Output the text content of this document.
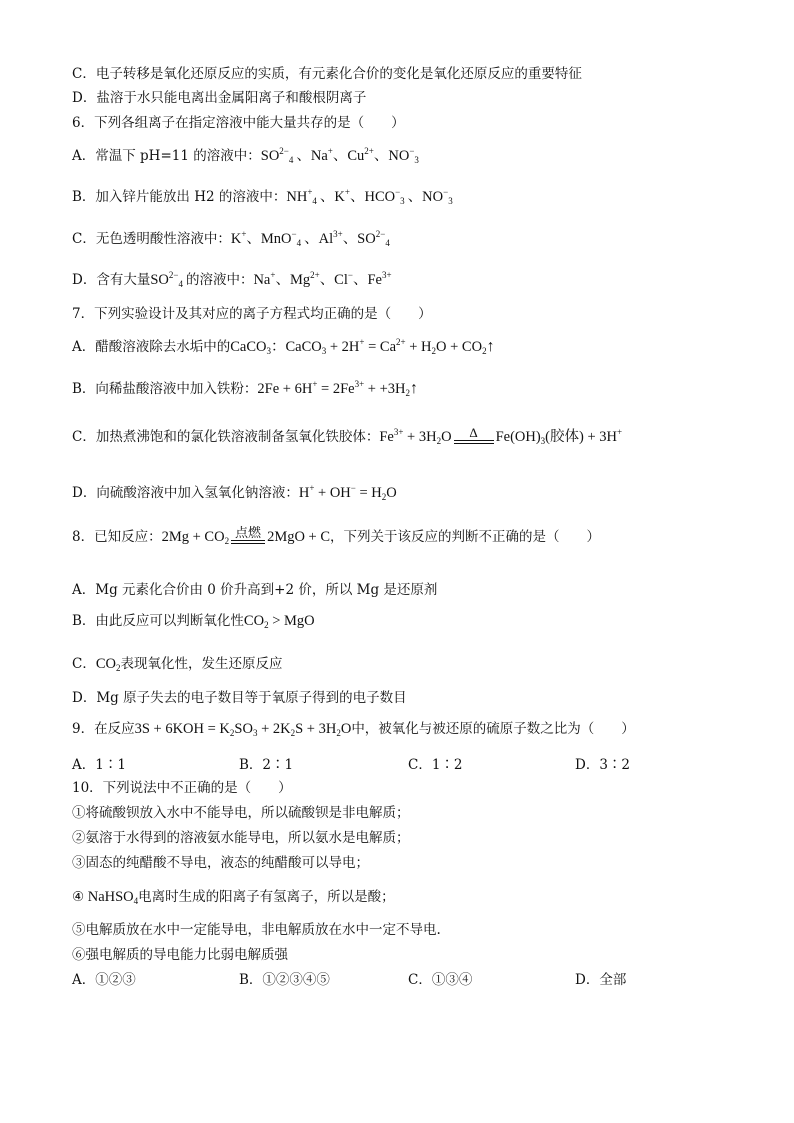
C．电子转移是氧化还原反应的实质，有元素化合价的变化是氧化还原反应的重要特征
D．盐溶于水只能电离出金属阳离子和酸根阴离子
6．下列各组离子在指定溶液中能大量共存的是（　　）
A．常温下 pH=11 的溶液中：$SO^{2-}_4$ 、Na+、$Cu^{2+}$、$NO^-_3$
B．加入锌片能放出 H2 的溶液中：$NH^+_4$ 、K+、$HCO^-_3$ 、$NO^-_3$
C．无色透明酸性溶液中：K+、MnO−$_4$ 、$Al^{3+}$、$SO^{2-}_4$
D．含有大量$SO^{2-}_4$ 的溶液中：Na+、$Mg^{2+}$、Cl−、$Fe^{3+}$
7．下列实验设计及其对应的离子方程式均正确的是（　　）
A．醋酸溶液除去水垢中的CaCO$_3$：CaCO$_3$ + $2H^+ = Ca^{2+} + H_2O$ + $CO_2↑$
B．向稀盐酸溶液中加入铁粉：$2Fe + 6H^+ = 2Fe^{3+}$ + $+3H_2↑$
C．加热煮沸饱和的氯化铁溶液制备氢氧化铁胶体：$Fe^{3+} + 3H_2O$	Δ	$Fe(OH)_3$(胶体) + 3H+
D．向硫酸溶液中加入氢氧化钠溶液：$H^+ + OH^- = H_2O$
8．已知反应：$2Mg + CO_2$
点燃 2MgO + C，下列关于该反应的判断不正确的是（　　）
A．Mg 元素化合价由 0 价升高到+2 价，所以 Mg 是还原剂
B．由此反应可以判断氧化性$CO_2$ > MgO
C．$CO_2$表现氧化性，发生还原反应
D．Mg 原子失去的电子数目等于氧原子得到的电子数目
9．在反应$3S + 6KOH = K_2SO_3 + 2K_2S + 3H_2O$中，被氧化与被还原的硫原子数之比为（　　）
A．1∶1	B．2∶1	C．1∶2	D．3∶2
10．下列说法中不正确的是（　　）
①将硫酸钡放入水中不能导电，所以硫酸钡是非电解质；
②氨溶于水得到的溶液氨水能导电，所以氨水是电解质；
③固态的纯醋酸不导电，液态的纯醋酸可以导电；
④ NaHSO$_4$电离时生成的阳离子有氢离子，所以是酸；
⑤电解质放在水中一定能导电，非电解质放在水中一定不导电.
⑥强电解质的导电能力比弱电解质强
A．①②③	B．①②③④⑤	C．①③④	D．全部
